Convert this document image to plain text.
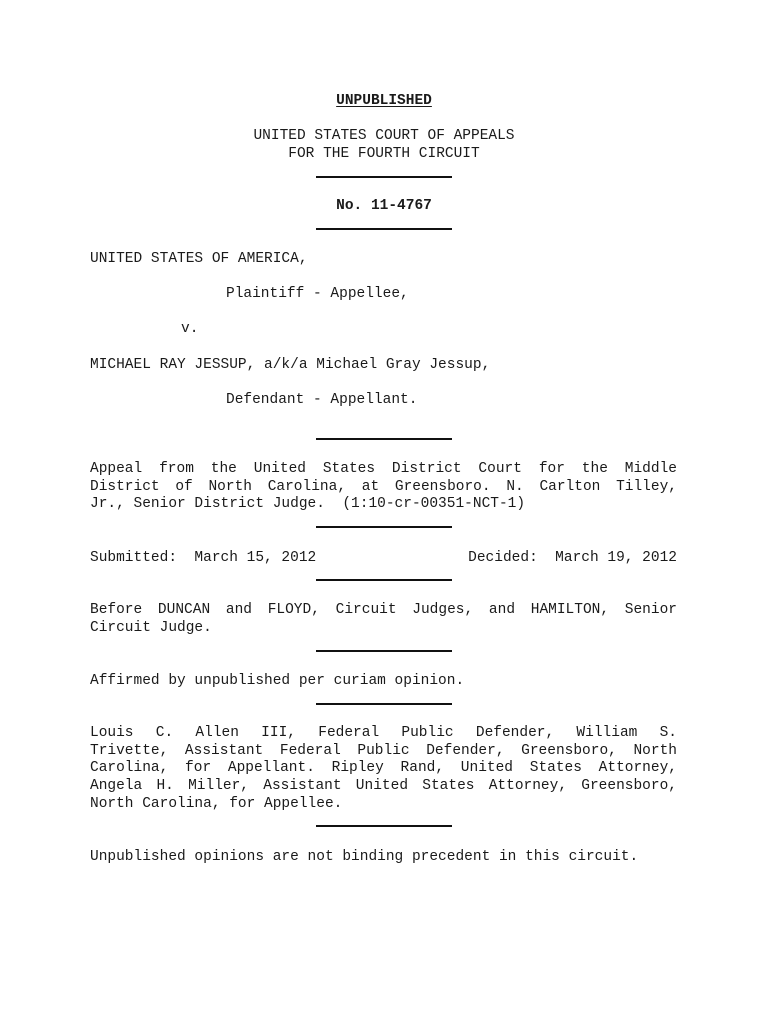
UNPUBLISHED
UNITED STATES COURT OF APPEALS
FOR THE FOURTH CIRCUIT
No. 11-4767
UNITED STATES OF AMERICA,
Plaintiff - Appellee,
v.
MICHAEL RAY JESSUP, a/k/a Michael Gray Jessup,
Defendant - Appellant.
Appeal from the United States District Court for the Middle
District of North Carolina, at Greensboro. N. Carlton Tilley,
Jr., Senior District Judge.  (1:10-cr-00351-NCT-1)
Submitted:  March 15, 2012	Decided:  March 19, 2012
Before DUNCAN and FLOYD, Circuit Judges, and HAMILTON, Senior
Circuit Judge.
Affirmed by unpublished per curiam opinion.
Louis C. Allen III, Federal Public Defender, William S.
Trivette, Assistant Federal Public Defender, Greensboro, North
Carolina, for Appellant. Ripley Rand, United States Attorney,
Angela H. Miller, Assistant United States Attorney, Greensboro,
North Carolina, for Appellee.
Unpublished opinions are not binding precedent in this circuit.
